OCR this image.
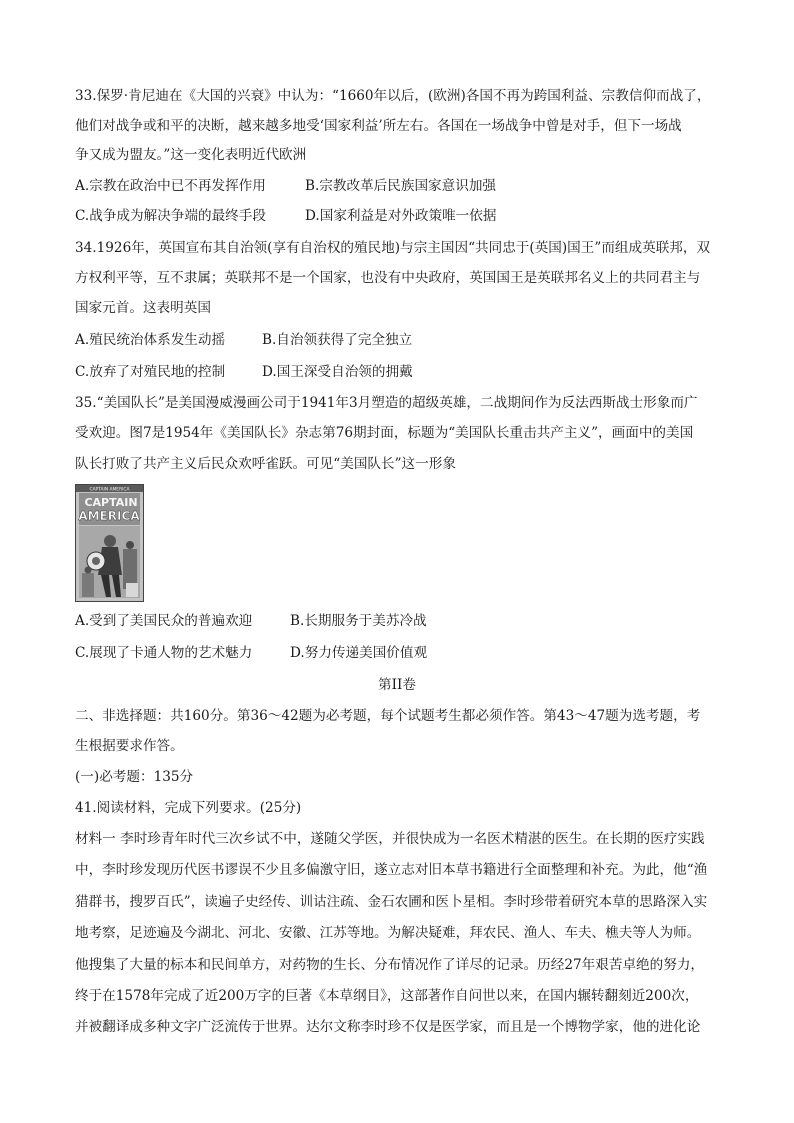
33.保罗·肯尼迪在《大国的兴衰》中认为：“1660年以后，(欧洲)各国不再为跨国利益、宗教信仰而战了，
他们对战争或和平的决断，越来越多地受‘国家利益’所左右。各国在一场战争中曾是对手，但下一场战
争又成为盟友。”这一变化表明近代欧洲
A.宗教在政治中已不再发挥作用	B.宗教改革后民族国家意识加强
C.战争成为解决争端的最终手段	D.国家利益是对外政策唯一依据
34.1926年，英国宣布其自治领(享有自治权的殖民地)与宗主国因“共同忠于(英国)国王”而组成英联邦，双
方权利平等，互不隶属；英联邦不是一个国家，也没有中央政府，英国国王是英联邦名义上的共同君主与
国家元首。这表明英国
A.殖民统治体系发生动摇	B.自治领获得了完全独立
C.放弃了对殖民地的控制	D.国王深受自治领的拥戴
35.“美国队长”是美国漫威漫画公司于1941年3月塑造的超级英雄，二战期间作为反法西斯战士形象而广
受欢迎。图7是1954年《美国队长》杂志第76期封面，标题为“美国队长重击共产主义”，画面中的美国
队长打败了共产主义后民众欢呼雀跃。可见“美国队长”这一形象
CAPTAIN AMERICA
CAPTAIN
AMERICA
A.受到了美国民众的普遍欢迎	B.长期服务于美苏冷战
C.展现了卡通人物的艺术魅力	D.努力传递美国价值观
第II卷
二、非选择题：共160分。第36～42题为必考题，每个试题考生都必须作答。第43～47题为选考题，考
生根据要求作答。
(一)必考题：135分
41.阅读材料，完成下列要求。(25分)
材料一 李时珍青年时代三次乡试不中，遂随父学医，并很快成为一名医术精湛的医生。在长期的医疗实践
中，李时珍发现历代医书谬误不少且多偏激守旧，遂立志对旧本草书籍进行全面整理和补充。为此，他“渔
猎群书，搜罗百氏”，读遍子史经传、训诂注疏、金石农圃和医卜星相。李时珍带着研究本草的思路深入实
地考察，足迹遍及今湖北、河北、安徽、江苏等地。为解决疑难，拜农民、渔人、车夫、樵夫等人为师。
他搜集了大量的标本和民间单方，对药物的生长、分布情况作了详尽的记录。历经27年艰苦卓绝的努力，
终于在1578年完成了近200万字的巨著《本草纲目》，这部著作自问世以来，在国内辗转翻刻近200次，
并被翻译成多种文字广泛流传于世界。达尔文称李时珍不仅是医学家，而且是一个博物学家，他的进化论
